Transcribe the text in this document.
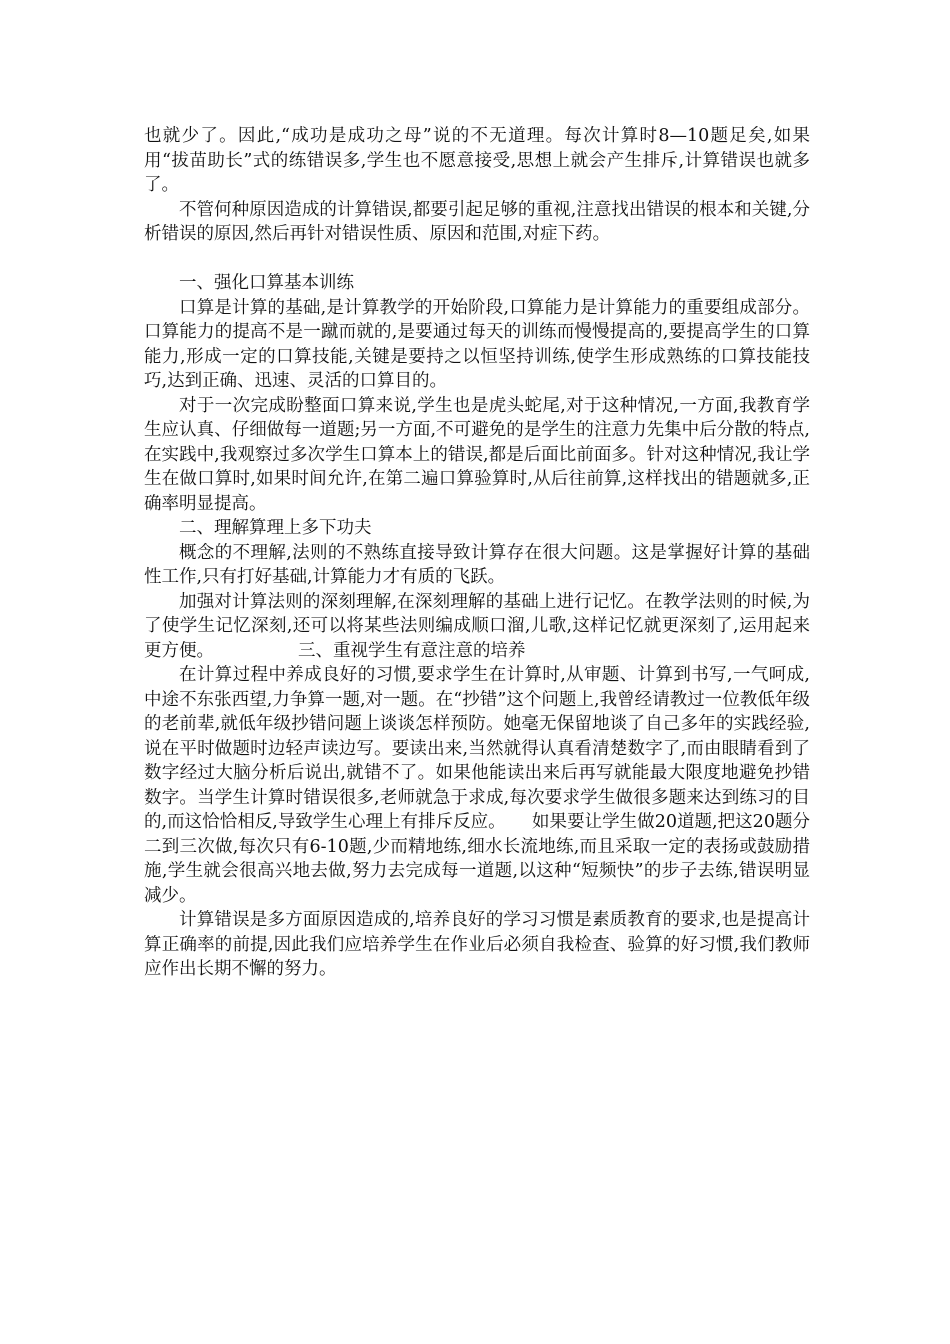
也就少了。因此,“成功是成功之母”说的不无道理。每次计算时8—10题足矣,如果用“拔苗助长”式的练错误多,学生也不愿意接受,思想上就会产生排斥,计算错误也就多了。

不管何种原因造成的计算错误,都要引起足够的重视,注意找出错误的根本和关键,分析错误的原因,然后再针对错误性质、原因和范围,对症下药。

一、强化口算基本训练

口算是计算的基础,是计算教学的开始阶段,口算能力是计算能力的重要组成部分。口算能力的提高不是一蹴而就的,是要通过每天的训练而慢慢提高的,要提高学生的口算能力,形成一定的口算技能,关键是要持之以恒坚持训练,使学生形成熟练的口算技能技巧,达到正确、迅速、灵活的口算目的。

对于一次完成盼整面口算来说,学生也是虎头蛇尾,对于这种情况,一方面,我教育学生应认真、仔细做每一道题;另一方面,不可避免的是学生的注意力先集中后分散的特点,在实践中,我观察过多次学生口算本上的错误,都是后面比前面多。针对这种情况,我让学生在做口算时,如果时间允许,在第二遍口算验算时,从后往前算,这样找出的错题就多,正确率明显提高。

二、理解算理上多下功夫

概念的不理解,法则的不熟练直接导致计算存在很大问题。这是掌握好计算的基础性工作,只有打好基础,计算能力才有质的飞跃。

加强对计算法则的深刻理解,在深刻理解的基础上进行记忆。在教学法则的时候,为了使学生记忆深刻,还可以将某些法则编成顺口溜,儿歌,这样记忆就更深刻了,运用起来更方便。	三、重视学生有意注意的培养

在计算过程中养成良好的习惯,要求学生在计算时,从审题、计算到书写,一气呵成,中途不东张西望,力争算一题,对一题。在“抄错”这个问题上,我曾经请教过一位教低年级的老前辈,就低年级抄错问题上谈谈怎样预防。她毫无保留地谈了自己多年的实践经验,说在平时做题时边轻声读边写。要读出来,当然就得认真看清楚数字了,而由眼睛看到了数字经过大脑分析后说出,就错不了。如果他能读出来后再写就能最大限度地避免抄错数字。当学生计算时错误很多,老师就急于求成,每次要求学生做很多题来达到练习的目的,而这恰恰相反,导致学生心理上有排斥反应。　　 如果要让学生做20道题,把这20题分二到三次做,每次只有6-10题,少而精地练,细水长流地练,而且采取一定的表扬或鼓励措施,学生就会很高兴地去做,努力去完成每一道题,以这种“短频快”的步子去练,错误明显减少。

计算错误是多方面原因造成的,培养良好的学习习惯是素质教育的要求,也是提高计算正确率的前提,因此我们应培养学生在作业后必须自我检查、验算的好习惯,我们教师应作出长期不懈的努力。
